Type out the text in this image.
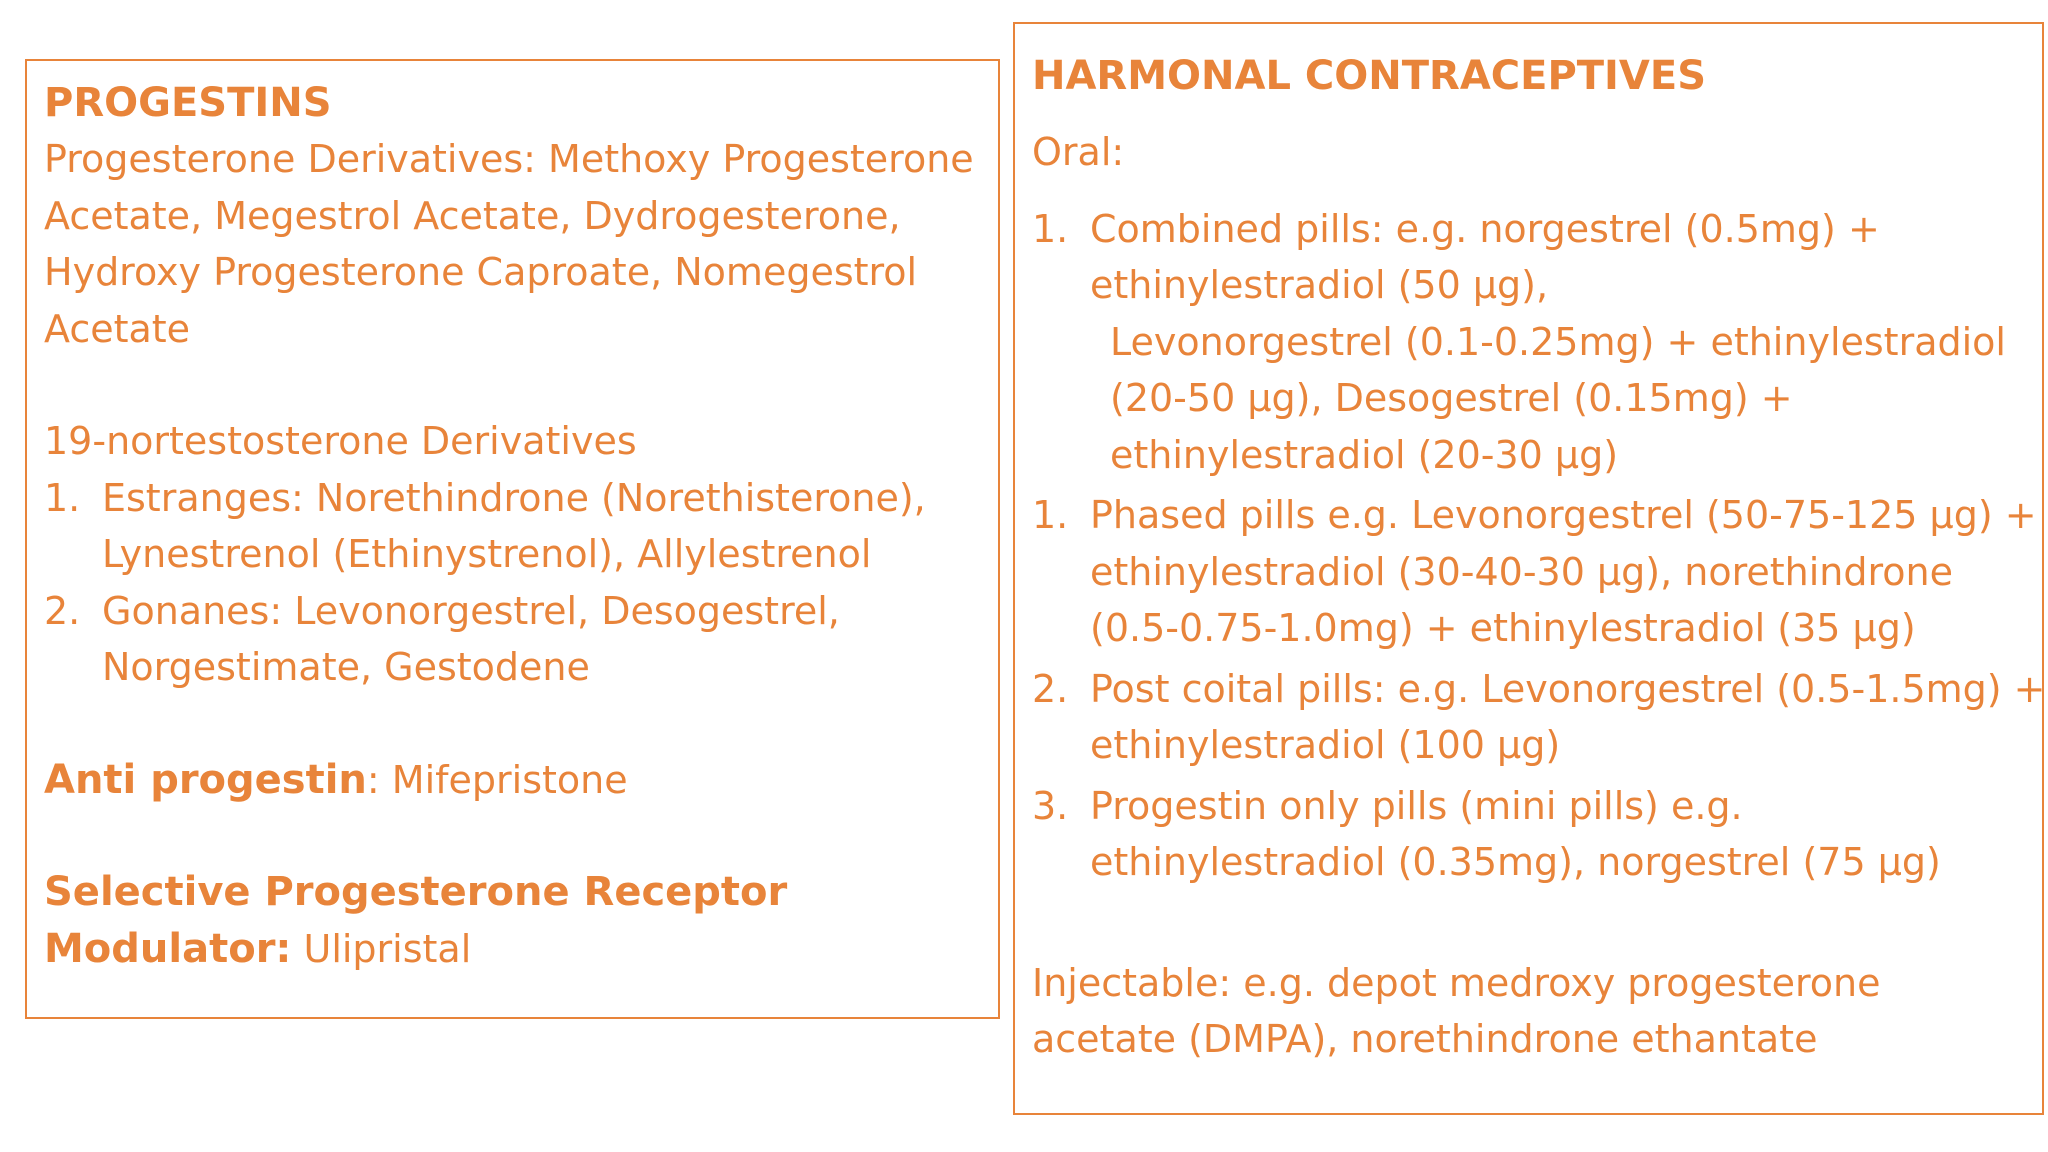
PROGESTINS

Progesterone Derivatives: Methoxy Progesterone

Acetate, Megestrol Acetate, Dydrogesterone,

Hydroxy Progesterone Caproate, Nomegestrol

Acetate

19-nortestosterone Derivatives

1. Estranges: Norethindrone (Norethisterone),
Lynestrenol (Ethinystrenol), Allylestrenol
2. Gonanes: Levonorgestrel, Desogestrel,
Norgestimate, Gestodene

Anti progestin: Mifepristone

Selective Progesterone Receptor

Modulator: Ulipristal

HARMONAL CONTRACEPTIVES

Oral:

1. Combined pills: e.g. norgestrel (0.5mg) +
ethinylestradiol (50 µg),
Levonorgestrel (0.1-0.25mg) + ethinylestradiol
(20-50 µg), Desogestrel (0.15mg) +
ethinylestradiol (20-30 µg)
1. Phased pills e.g. Levonorgestrel (50-75-125 µg) +
ethinylestradiol (30-40-30 µg), norethindrone
(0.5-0.75-1.0mg) + ethinylestradiol (35 µg)
2. Post coital pills: e.g. Levonorgestrel (0.5-1.5mg) +
ethinylestradiol (100 µg)
3. Progestin only pills (mini pills) e.g.
ethinylestradiol (0.35mg), norgestrel (75 µg)

Injectable: e.g. depot medroxy progesterone

acetate (DMPA), norethindrone ethantate
